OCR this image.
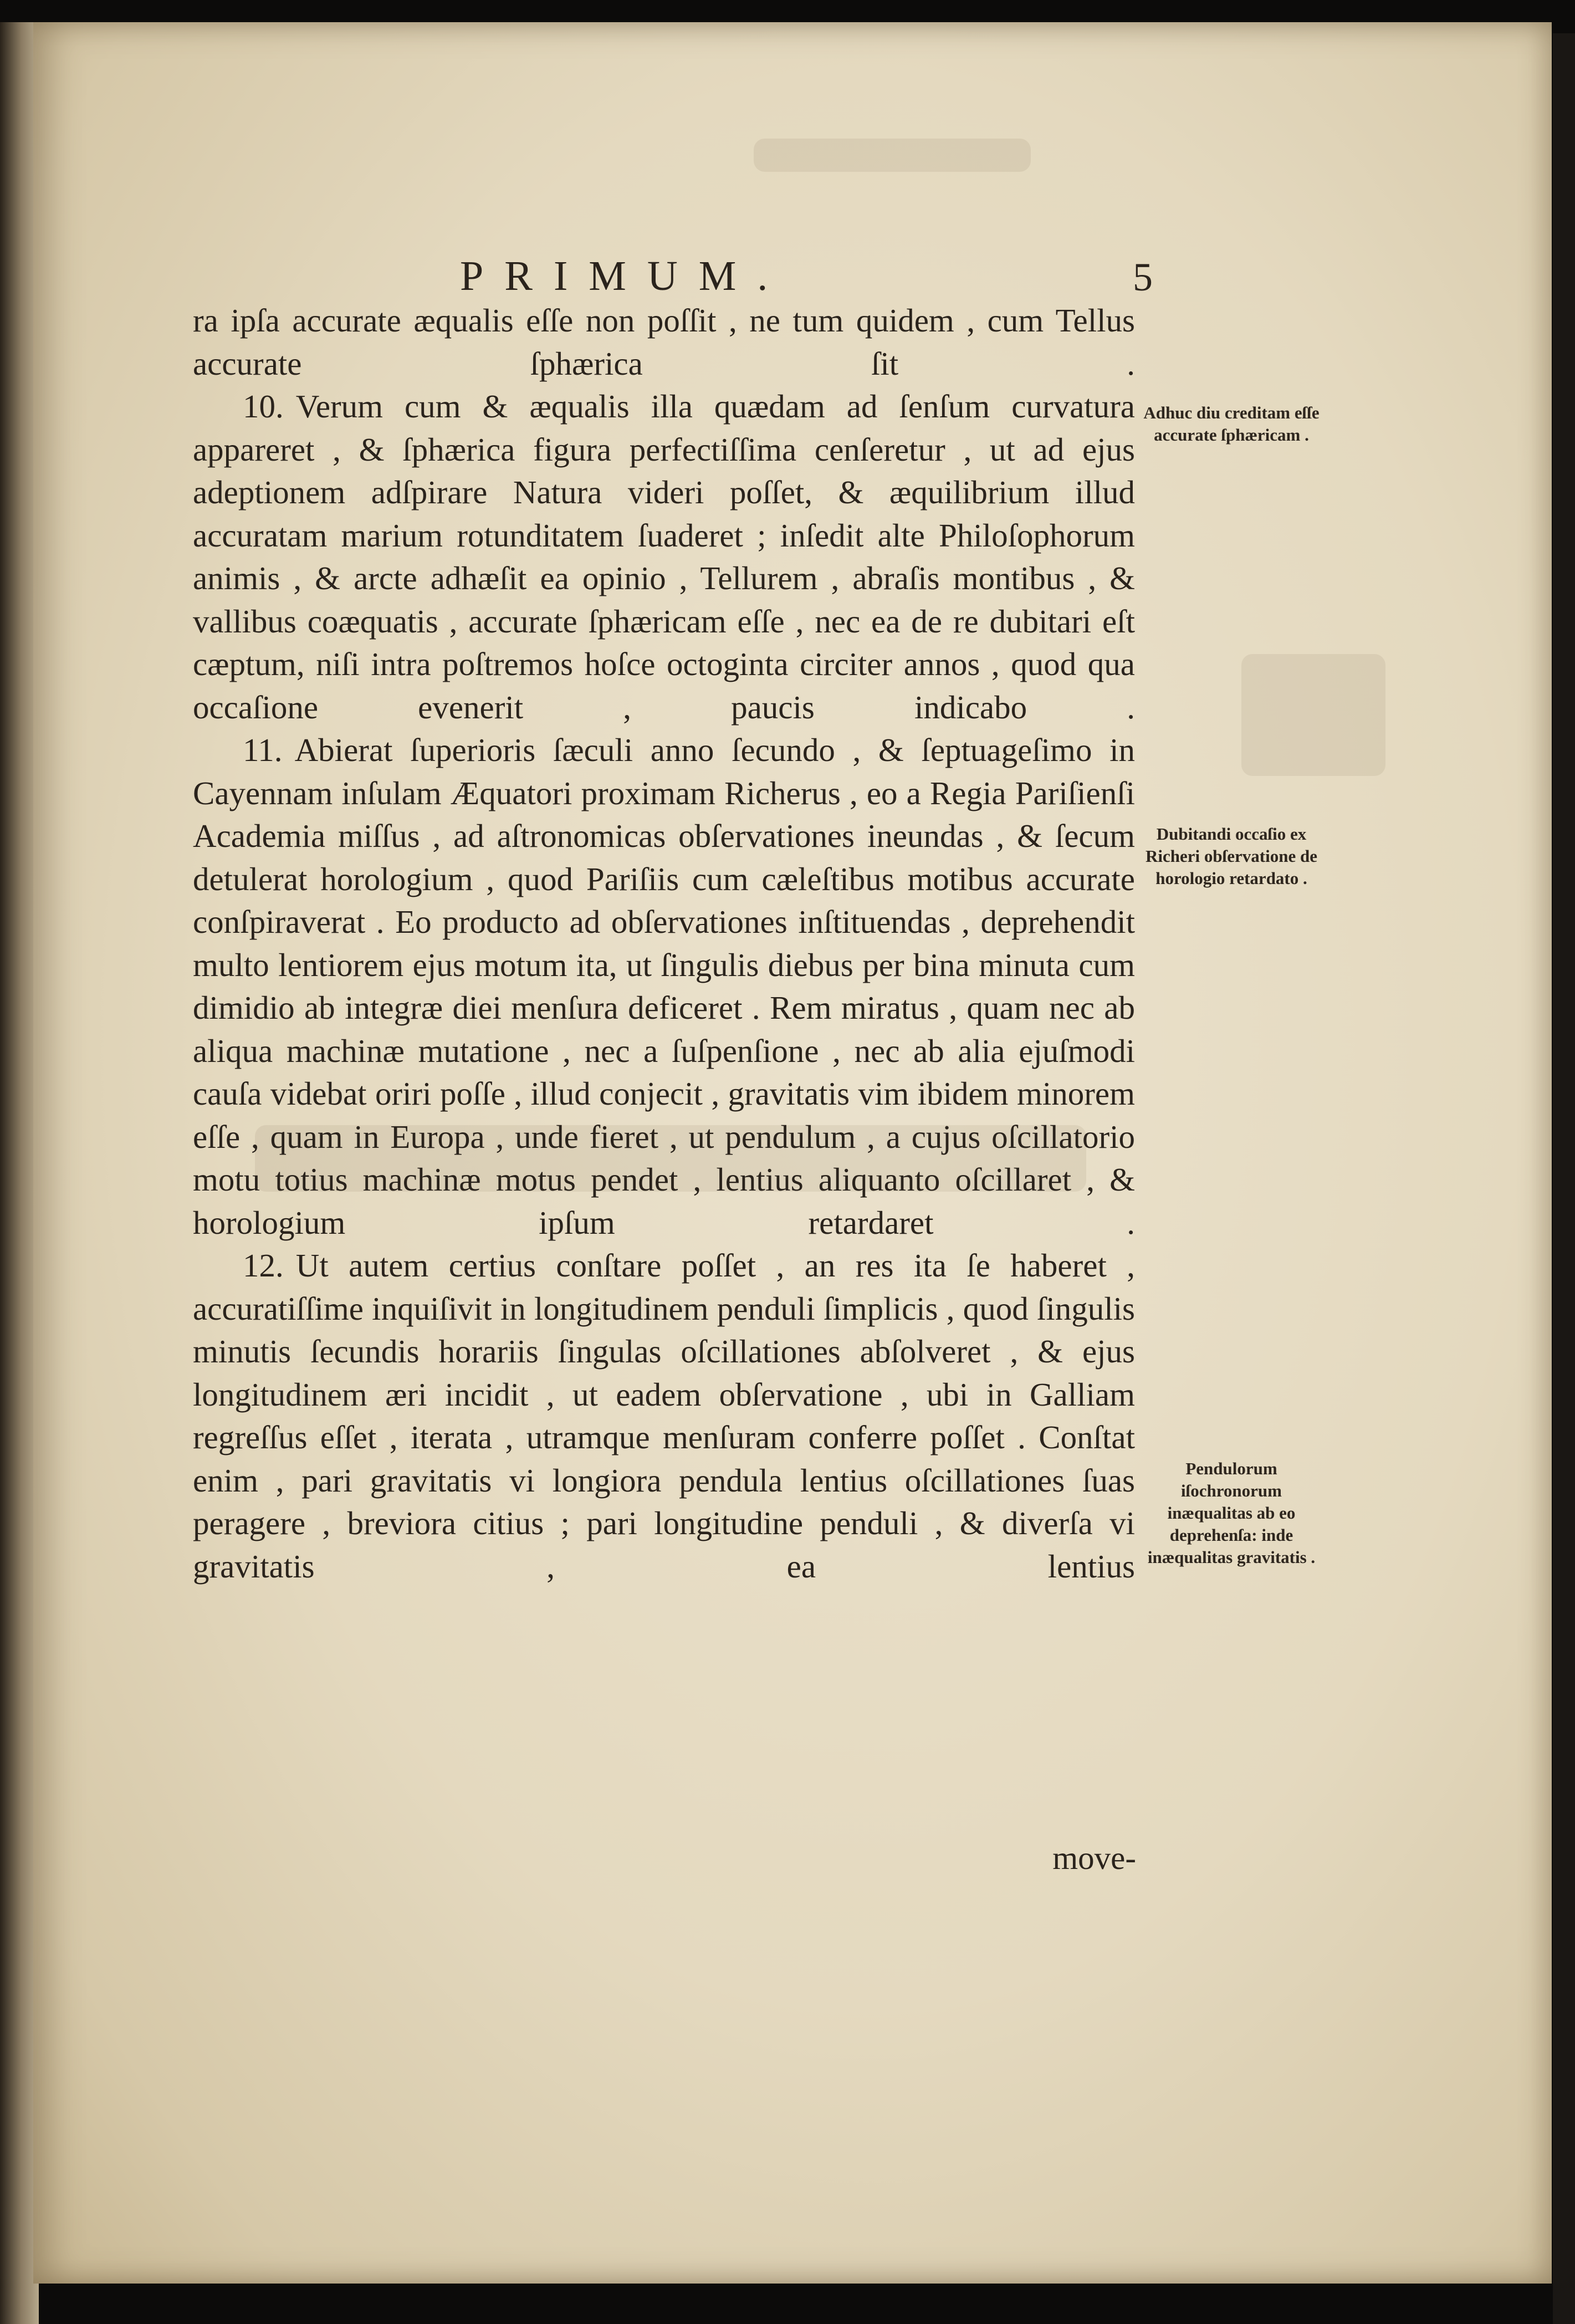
PRIMUM.	5

ra ipſa accurate æqualis eſſe non poſſit , ne tum quidem , cum Tellus accurate ſphærica ſit .

10. Verum cum & æqualis illa quædam ad ſenſum curvatura appareret , & ſphærica figura perfectiſſima cenſeretur , ut ad ejus adeptionem adſpirare Natura videri poſſet, & æquilibrium illud accuratam marium rotunditatem ſuaderet ; inſedit alte Philoſophorum animis , & arcte adhæſit ea opinio , Tellurem , abraſis montibus , & vallibus coæquatis , accurate ſphæricam eſſe , nec ea de re dubitari eſt cæptum, niſi intra poſtremos hoſce octoginta circiter annos , quod qua occaſione evenerit , paucis indicabo .

11. Abierat ſuperioris ſæculi anno ſecundo , & ſeptuageſimo in Cayennam inſulam Æquatori proximam Richerus , eo a Regia Pariſienſi Academia miſſus , ad aſtronomicas obſervationes ineundas , & ſecum detulerat horologium , quod Pariſiis cum cæleſtibus motibus accurate conſpiraverat . Eo producto ad obſervationes inſtituendas , deprehendit multo lentiorem ejus motum ita, ut ſingulis diebus per bina minuta cum dimidio ab integræ diei menſura deficeret . Rem miratus , quam nec ab aliqua machinæ mutatione , nec a ſuſpenſione , nec ab alia ejuſmodi cauſa videbat oriri poſſe , illud conjecit , gravitatis vim ibidem minorem eſſe , quam in Europa , unde fieret , ut pendulum , a cujus oſcillatorio motu totius machinæ motus pendet , lentius aliquanto oſcillaret , & horologium ipſum retardaret .

12. Ut autem certius conſtare poſſet , an res ita ſe haberet , accuratiſſime inquiſivit in longitudinem penduli ſimplicis , quod ſingulis minutis ſecundis horariis ſingulas oſcillationes abſolveret , & ejus longitudinem æri incidit , ut eadem obſervatione , ubi in Galliam regreſſus eſſet , iterata , utramque menſuram conferre poſſet . Conſtat enim , pari gravitatis vi longiora pendula lentius oſcillationes ſuas peragere , breviora citius ; pari longitudine penduli , & diverſa vi gravitatis , ea lentius

move-
Adhuc diu creditam eſſe accurate ſphæricam .
Dubitandi occaſio ex Richeri obſervatione de horologio retardato .
Pendulorum iſochronorum inæqualitas ab eo deprehenſa: inde inæqualitas gravitatis .
